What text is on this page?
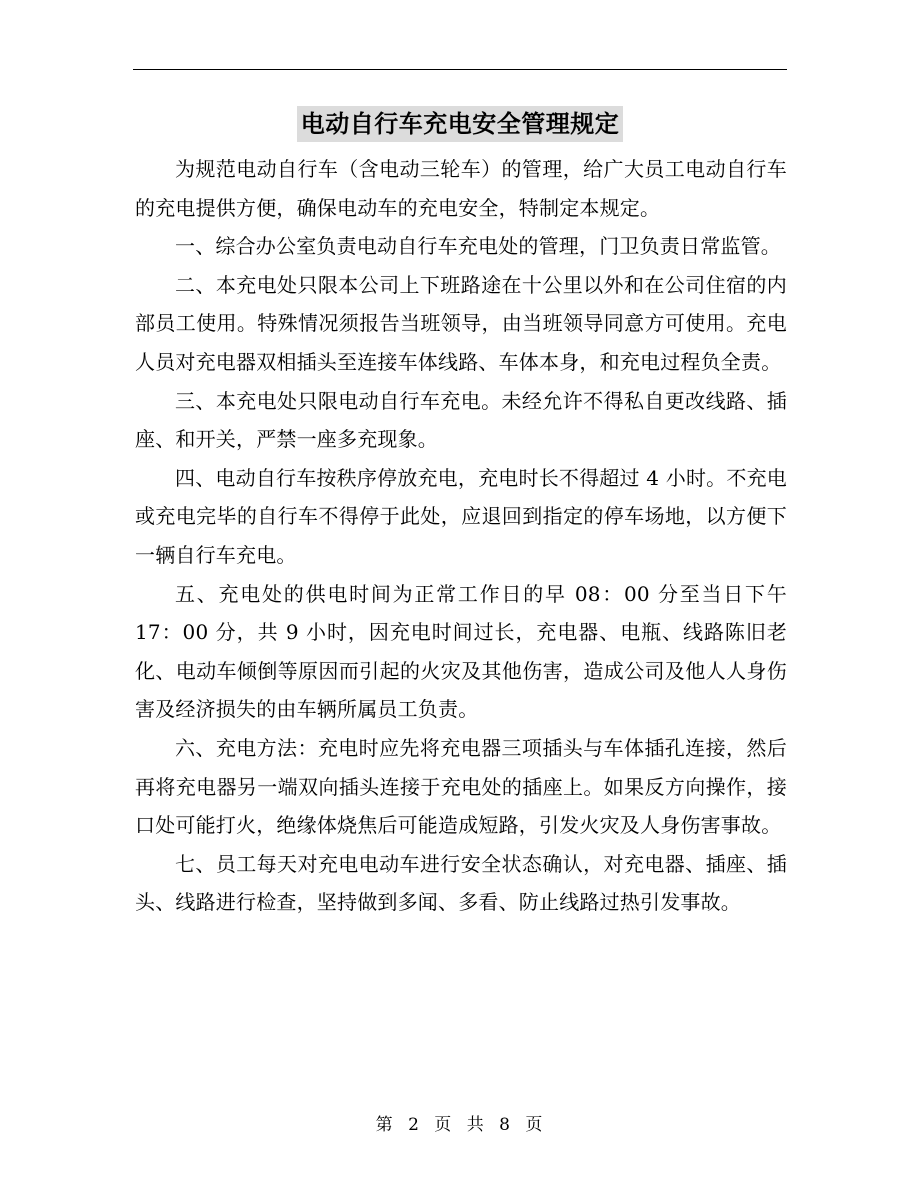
电动自行车充电安全管理规定

为规范电动自行车（含电动三轮车）的管理，给广大员工电动自行车的充电提供方便，确保电动车的充电安全，特制定本规定。

一、综合办公室负责电动自行车充电处的管理，门卫负责日常监管。

二、本充电处只限本公司上下班路途在十公里以外和在公司住宿的内部员工使用。特殊情况须报告当班领导，由当班领导同意方可使用。充电人员对充电器双相插头至连接车体线路、车体本身，和充电过程负全责。

三、本充电处只限电动自行车充电。未经允许不得私自更改线路、插座、和开关，严禁一座多充现象。

四、电动自行车按秩序停放充电，充电时长不得超过 4 小时。不充电或充电完毕的自行车不得停于此处，应退回到指定的停车场地，以方便下一辆自行车充电。

五、充电处的供电时间为正常工作日的早 08：00 分至当日下午 17：00 分，共 9 小时，因充电时间过长，充电器、电瓶、线路陈旧老化、电动车倾倒等原因而引起的火灾及其他伤害，造成公司及他人人身伤害及经济损失的由车辆所属员工负责。

六、充电方法：充电时应先将充电器三项插头与车体插孔连接，然后再将充电器另一端双向插头连接于充电处的插座上。如果反方向操作，接口处可能打火，绝缘体烧焦后可能造成短路，引发火灾及人身伤害事故。

七、员工每天对充电电动车进行安全状态确认，对充电器、插座、插头、线路进行检查，坚持做到多闻、多看、防止线路过热引发事故。

第 2 页 共 8 页
